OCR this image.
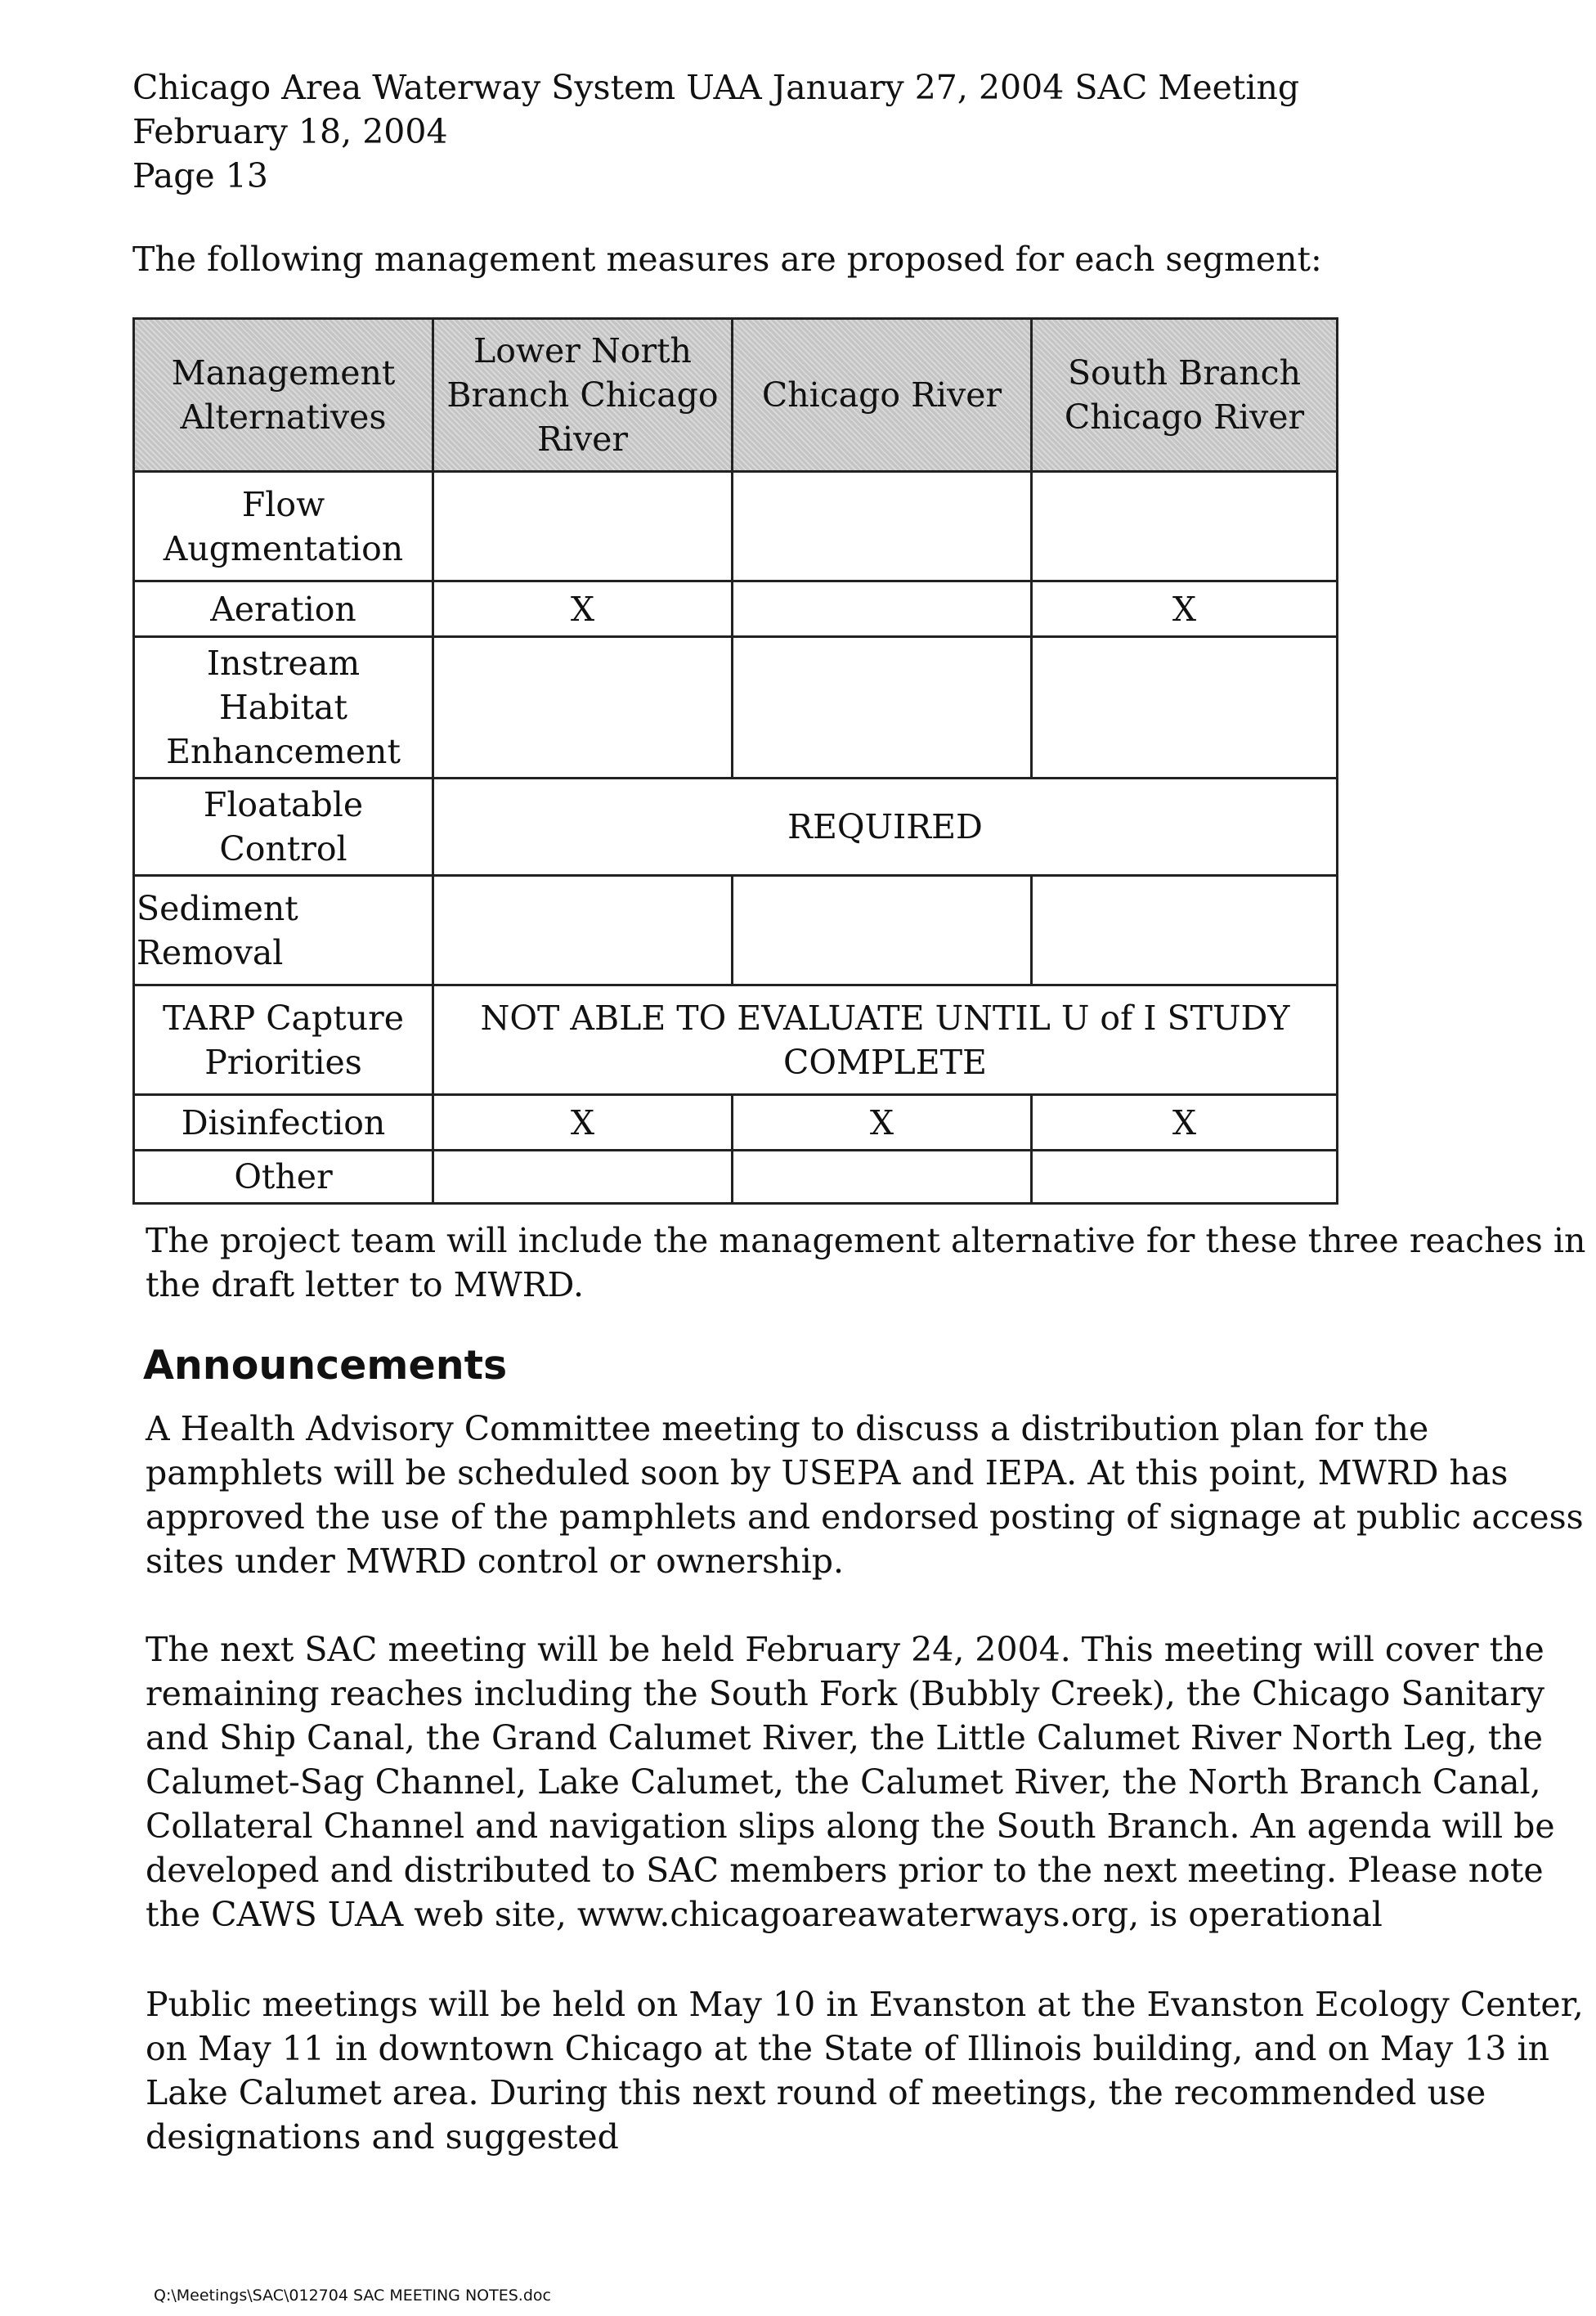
Chicago Area Waterway System UAA January 27, 2004 SAC Meeting
February 18, 2004
Page 13
The following management measures are proposed for each segment:
Management Alternatives	Lower North Branch Chicago River	Chicago River	South Branch Chicago River
Flow Augmentation			
Aeration	X		X
Instream Habitat Enhancement			
Floatable Control	REQUIRED		
Sediment Removal			
TARP Capture Priorities	NOT ABLE TO EVALUATE UNTIL U of I STUDY COMPLETE		
Disinfection	X	X	X
Other			
The project team will include the management alternative for these three reaches in the draft letter to MWRD.
Announcements
A Health Advisory Committee meeting to discuss a distribution plan for the pamphlets will be scheduled soon by USEPA and IEPA. At this point, MWRD has approved the use of the pamphlets and endorsed posting of signage at public access sites under MWRD control or ownership.
The next SAC meeting will be held February 24, 2004. This meeting will cover the remaining reaches including the South Fork (Bubbly Creek), the Chicago Sanitary and Ship Canal, the Grand Calumet River, the Little Calumet River North Leg, the Calumet-Sag Channel, Lake Calumet, the Calumet River, the North Branch Canal, Collateral Channel and navigation slips along the South Branch. An agenda will be developed and distributed to SAC members prior to the next meeting. Please note the CAWS UAA web site, www.chicagoareawaterways.org, is operational
Public meetings will be held on May 10 in Evanston at the Evanston Ecology Center, on May 11 in downtown Chicago at the State of Illinois building, and on May 13 in Lake Calumet area. During this next round of meetings, the recommended use designations and suggested
Q:\Meetings\SAC\012704 SAC MEETING NOTES.doc
